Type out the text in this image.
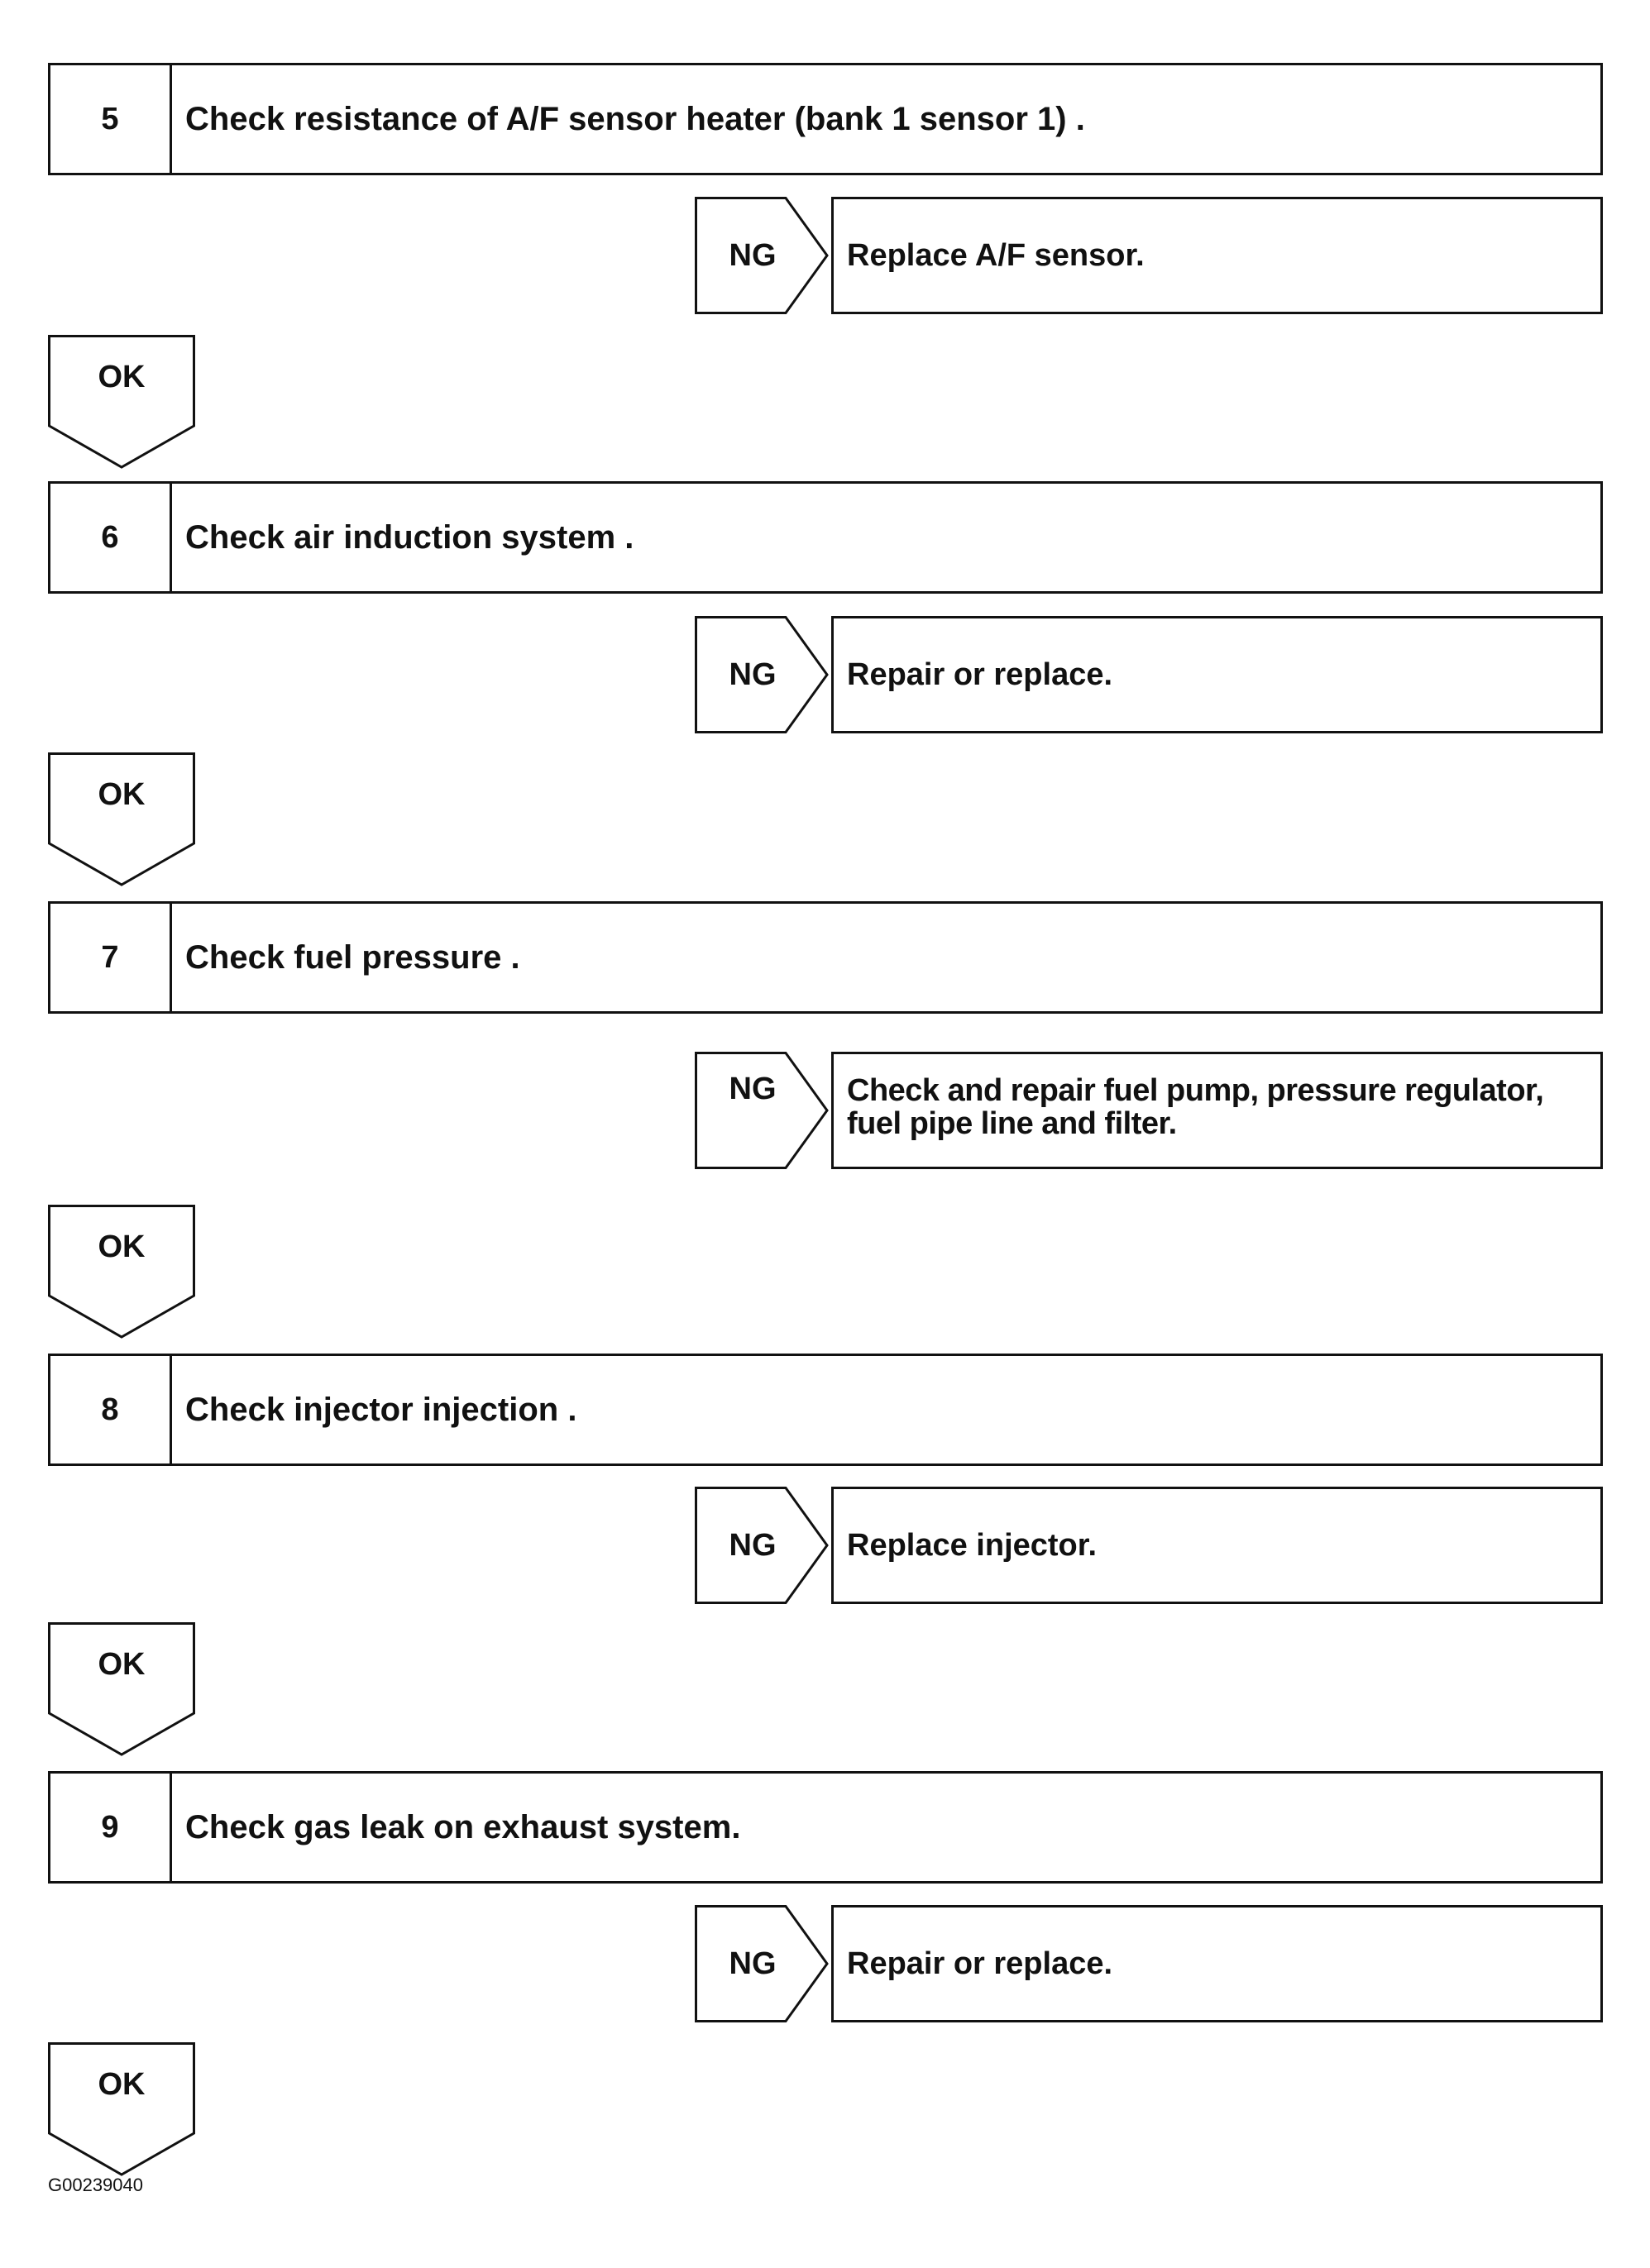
5	Check resistance of A/F sensor heater (bank 1 sensor 1) .
NG	Replace A/F sensor.
OK
6	Check air induction system .
NG	Repair or replace.
OK
7	Check fuel pressure .
NG	Check and repair fuel pump, pressure regulator,
fuel pipe line and filter.
OK
8	Check injector injection .
NG	Replace injector.
OK
9	Check gas leak on exhaust system.
NG	Repair or replace.
OK
G00239040
